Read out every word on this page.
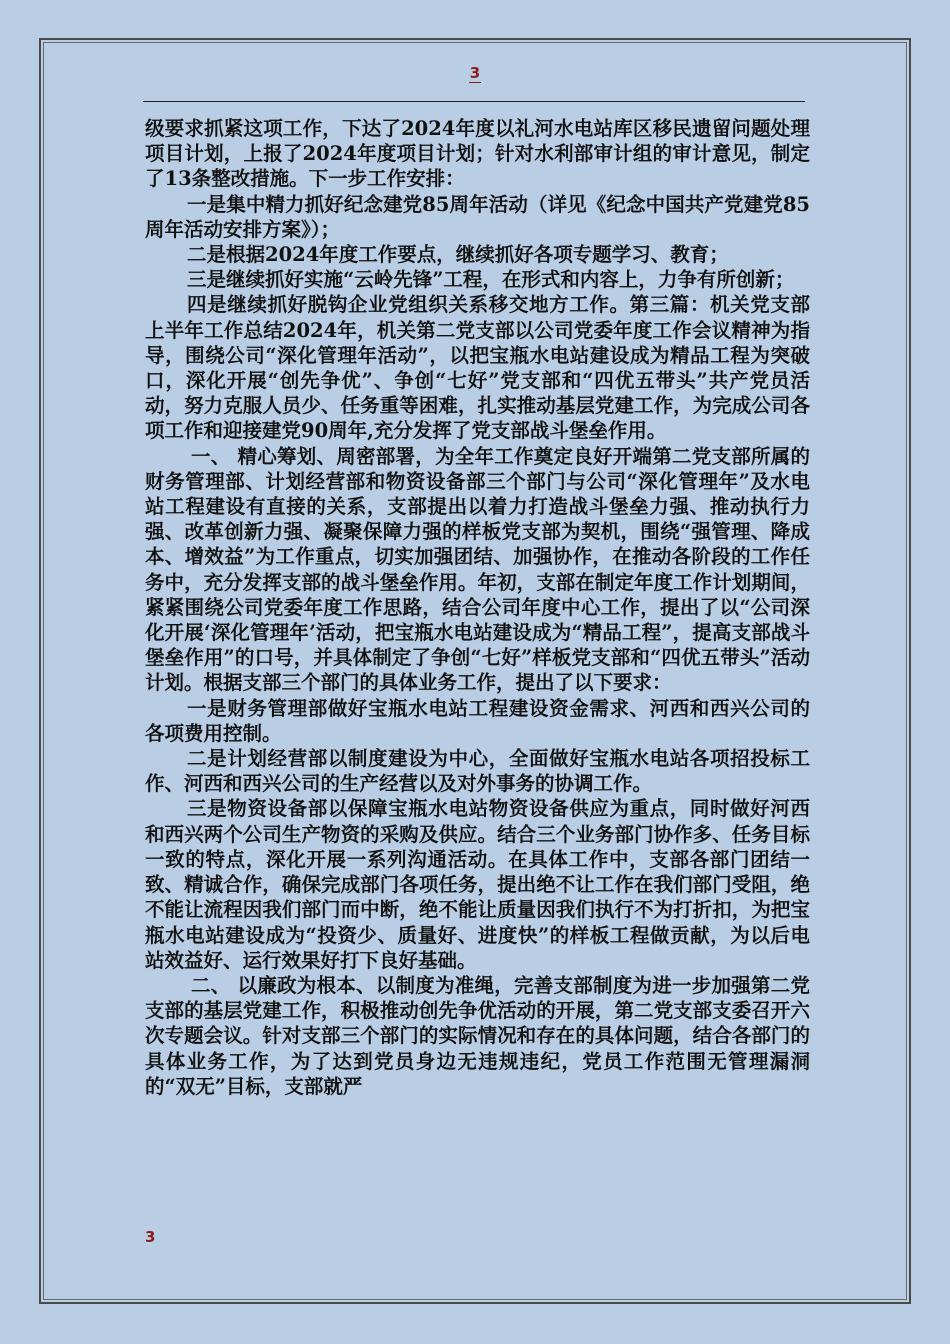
3

级要求抓紧这项工作，下达了2024年度以礼河水电站库区移民遗留问题处理项目计划，上报了2024年度项目计划；针对水利部审计组的审计意见，制定了13条整改措施。下一步工作安排：

一是集中精力抓好纪念建党85周年活动（详见《纪念中国共产党建党85周年活动安排方案》）；

二是根据2024年度工作要点，继续抓好各项专题学习、教育；

三是继续抓好实施“云岭先锋”工程，在形式和内容上，力争有所创新；

四是继续抓好脱钩企业党组织关系移交地方工作。第三篇：机关党支部上半年工作总结2024年，机关第二党支部以公司党委年度工作会议精神为指导，围绕公司“深化管理年活动”，以把宝瓶水电站建设成为精品工程为突破口，深化开展“创先争优”、争创“七好”党支部和“四优五带头”共产党员活动，努力克服人员少、任务重等困难，扎实推动基层党建工作，为完成公司各项工作和迎接建党90周年,充分发挥了党支部战斗堡垒作用。

一、 精心筹划、周密部署，为全年工作奠定良好开端第二党支部所属的财务管理部、计划经营部和物资设备部三个部门与公司“深化管理年”及水电站工程建设有直接的关系，支部提出以着力打造战斗堡垒力强、推动执行力强、改革创新力强、凝聚保障力强的样板党支部为契机，围绕“强管理、降成本、增效益”为工作重点，切实加强团结、加强协作，在推动各阶段的工作任务中，充分发挥支部的战斗堡垒作用。年初，支部在制定年度工作计划期间，紧紧围绕公司党委年度工作思路，结合公司年度中心工作，提出了以“公司深化开展‘深化管理年’活动，把宝瓶水电站建设成为“精品工程”，提高支部战斗堡垒作用”的口号，并具体制定了争创“七好”样板党支部和“四优五带头”活动计划。根据支部三个部门的具体业务工作，提出了以下要求：

一是财务管理部做好宝瓶水电站工程建设资金需求、河西和西兴公司的各项费用控制。

二是计划经营部以制度建设为中心，全面做好宝瓶水电站各项招投标工作、河西和西兴公司的生产经营以及对外事务的协调工作。

三是物资设备部以保障宝瓶水电站物资设备供应为重点，同时做好河西和西兴两个公司生产物资的采购及供应。结合三个业务部门协作多、任务目标一致的特点，深化开展一系列沟通活动。在具体工作中，支部各部门团结一致、精诚合作，确保完成部门各项任务，提出绝不让工作在我们部门受阻，绝不能让流程因我们部门而中断，绝不能让质量因我们执行不为打折扣，为把宝瓶水电站建设成为“投资少、质量好、进度快”的样板工程做贡献，为以后电站效益好、运行效果好打下良好基础。

二、 以廉政为根本、以制度为准绳，完善支部制度为进一步加强第二党支部的基层党建工作，积极推动创先争优活动的开展，第二党支部支委召开六次专题会议。针对支部三个部门的实际情况和存在的具体问题，结合各部门的具体业务工作，为了达到党员身边无违规违纪，党员工作范围无管理漏洞的“双无”目标，支部就严

3
